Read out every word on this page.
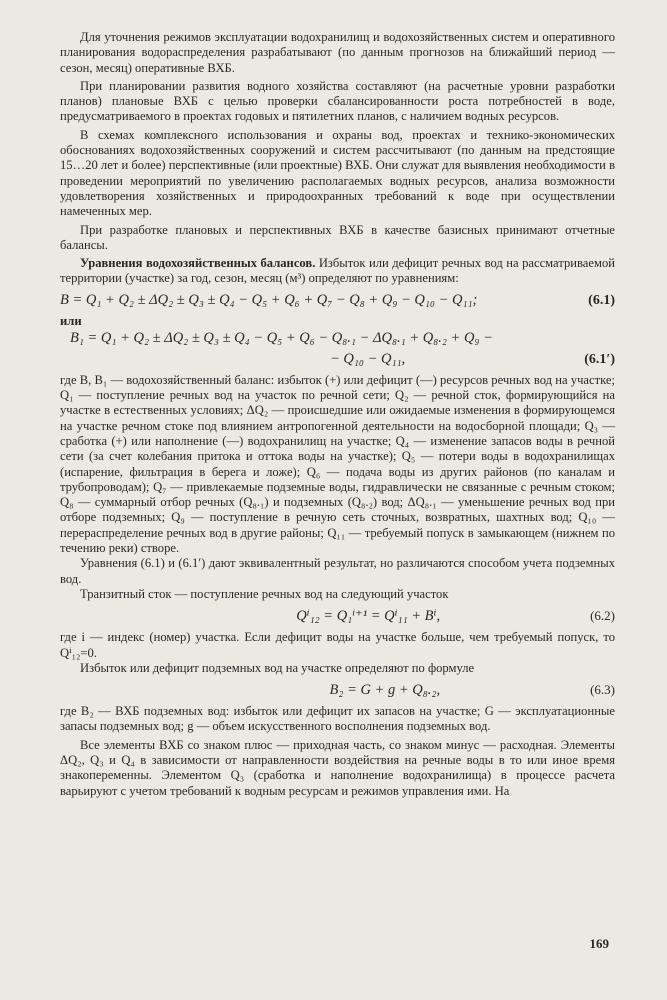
Для уточнения режимов эксплуатации водохранилищ и водохозяйственных систем и оперативного планирования водораспределения разрабатывают (по данным прогнозов на ближайший период — сезон, месяц) оперативные ВХБ.

При планировании развития водного хозяйства составляют (на расчетные уровни разработки планов) плановые ВХБ с целью проверки сбалансированности роста потребностей в воде, предусматриваемого в проектах годовых и пятилетних планов, с наличием водных ресурсов.

В схемах комплексного использования и охраны вод, проектах и технико-экономических обоснованиях водохозяйственных сооружений и систем рассчитывают (по данным на предстоящие 15…20 лет и более) перспективные (или проектные) ВХБ. Они служат для выявления необходимости в проведении мероприятий по увеличению располагаемых водных ресурсов, анализа возможности удовлетворения хозяйственных и природоохранных требований к воде при осуществлении намеченных мер.

При разработке плановых и перспективных ВХБ в качестве базисных принимают отчетные балансы.

Уравнения водохозяйственных балансов. Избыток или дефицит речных вод на рассматриваемой территории (участке) за год, сезон, месяц (м³) определяют по уравнениям:

B = Q₁ + Q₂ ± ΔQ₂ ± Q₃ ± Q₄ − Q₅ + Q₆ + Q₇ − Q₈ + Q₉ − Q₁₀ − Q₁₁;	(6.1)
или
B₁ = Q₁ + Q₂ ± ΔQ₂ ± Q₃ ± Q₄ − Q₅ + Q₆ − Q₈.₁ − ΔQ₈.₁ + Q₈.₂ + Q₉ −
− Q₁₀ − Q₁₁,	(6.1′)

где B, B₁ — водохозяйственный баланс: избыток (+) или дефицит (—) ресурсов речных вод на участке; Q₁ — поступление речных вод на участок по речной сети; Q₂ — речной сток, формирующийся на участке в естественных условиях; ΔQ₂ — происшедшие или ожидаемые изменения в формирующемся на участке речном стоке под влиянием антропогенной деятельности на водосборной площади; Q₃ — сработка (+) или наполнение (—) водохранилищ на участке; Q₄ — изменение запасов воды в речной сети (за счет колебания притока и оттока воды на участке); Q₅ — потери воды в водохранилищах (испарение, фильтрация в берега и ложе); Q₆ — подача воды из других районов (по каналам и трубопроводам); Q₇ — привлекаемые подземные воды, гидравлически не связанные с речным стоком; Q₈ — суммарный отбор речных (Q₈.₁) и подземных (Q₈.₂) вод; ΔQ₈.₁ — уменьшение речных вод при отборе подземных; Q₉ — поступление в речную сеть сточных, возвратных, шахтных вод; Q₁₀ — перераспределение речных вод в другие районы; Q₁₁ — требуемый попуск в замыкающем (нижнем по течению реки) створе.

Уравнения (6.1) и (6.1′) дают эквивалентный результат, но различаются способом учета подземных вод.

Транзитный сток — поступление речных вод на следующий участок

Qⁱ₁₂ = Q₁ⁱ⁺¹ = Qⁱ₁₁ + Bⁱ,	(6.2)

где i — индекс (номер) участка. Если дефицит воды на участке больше, чем требуемый попуск, то Qⁱ₁₂=0.

Избыток или дефицит подземных вод на участке определяют по формуле

B₂ = G + g + Q₈.₂,	(6.3)

где B₂ — ВХБ подземных вод: избыток или дефицит их запасов на участке; G — эксплуатационные запасы подземных вод; g — объем искусственного восполнения подземных вод.

Все элементы ВХБ со знаком плюс — приходная часть, со знаком минус — расходная. Элементы ΔQ₂, Q₃ и Q₄ в зависимости от направленности воздействия на речные воды в то или иное время знакопеременны. Элементом Q₃ (сработка и наполнение водохранилища) в процессе расчета варьируют с учетом требований к водным ресурсам и режимов управления ими. На

169
